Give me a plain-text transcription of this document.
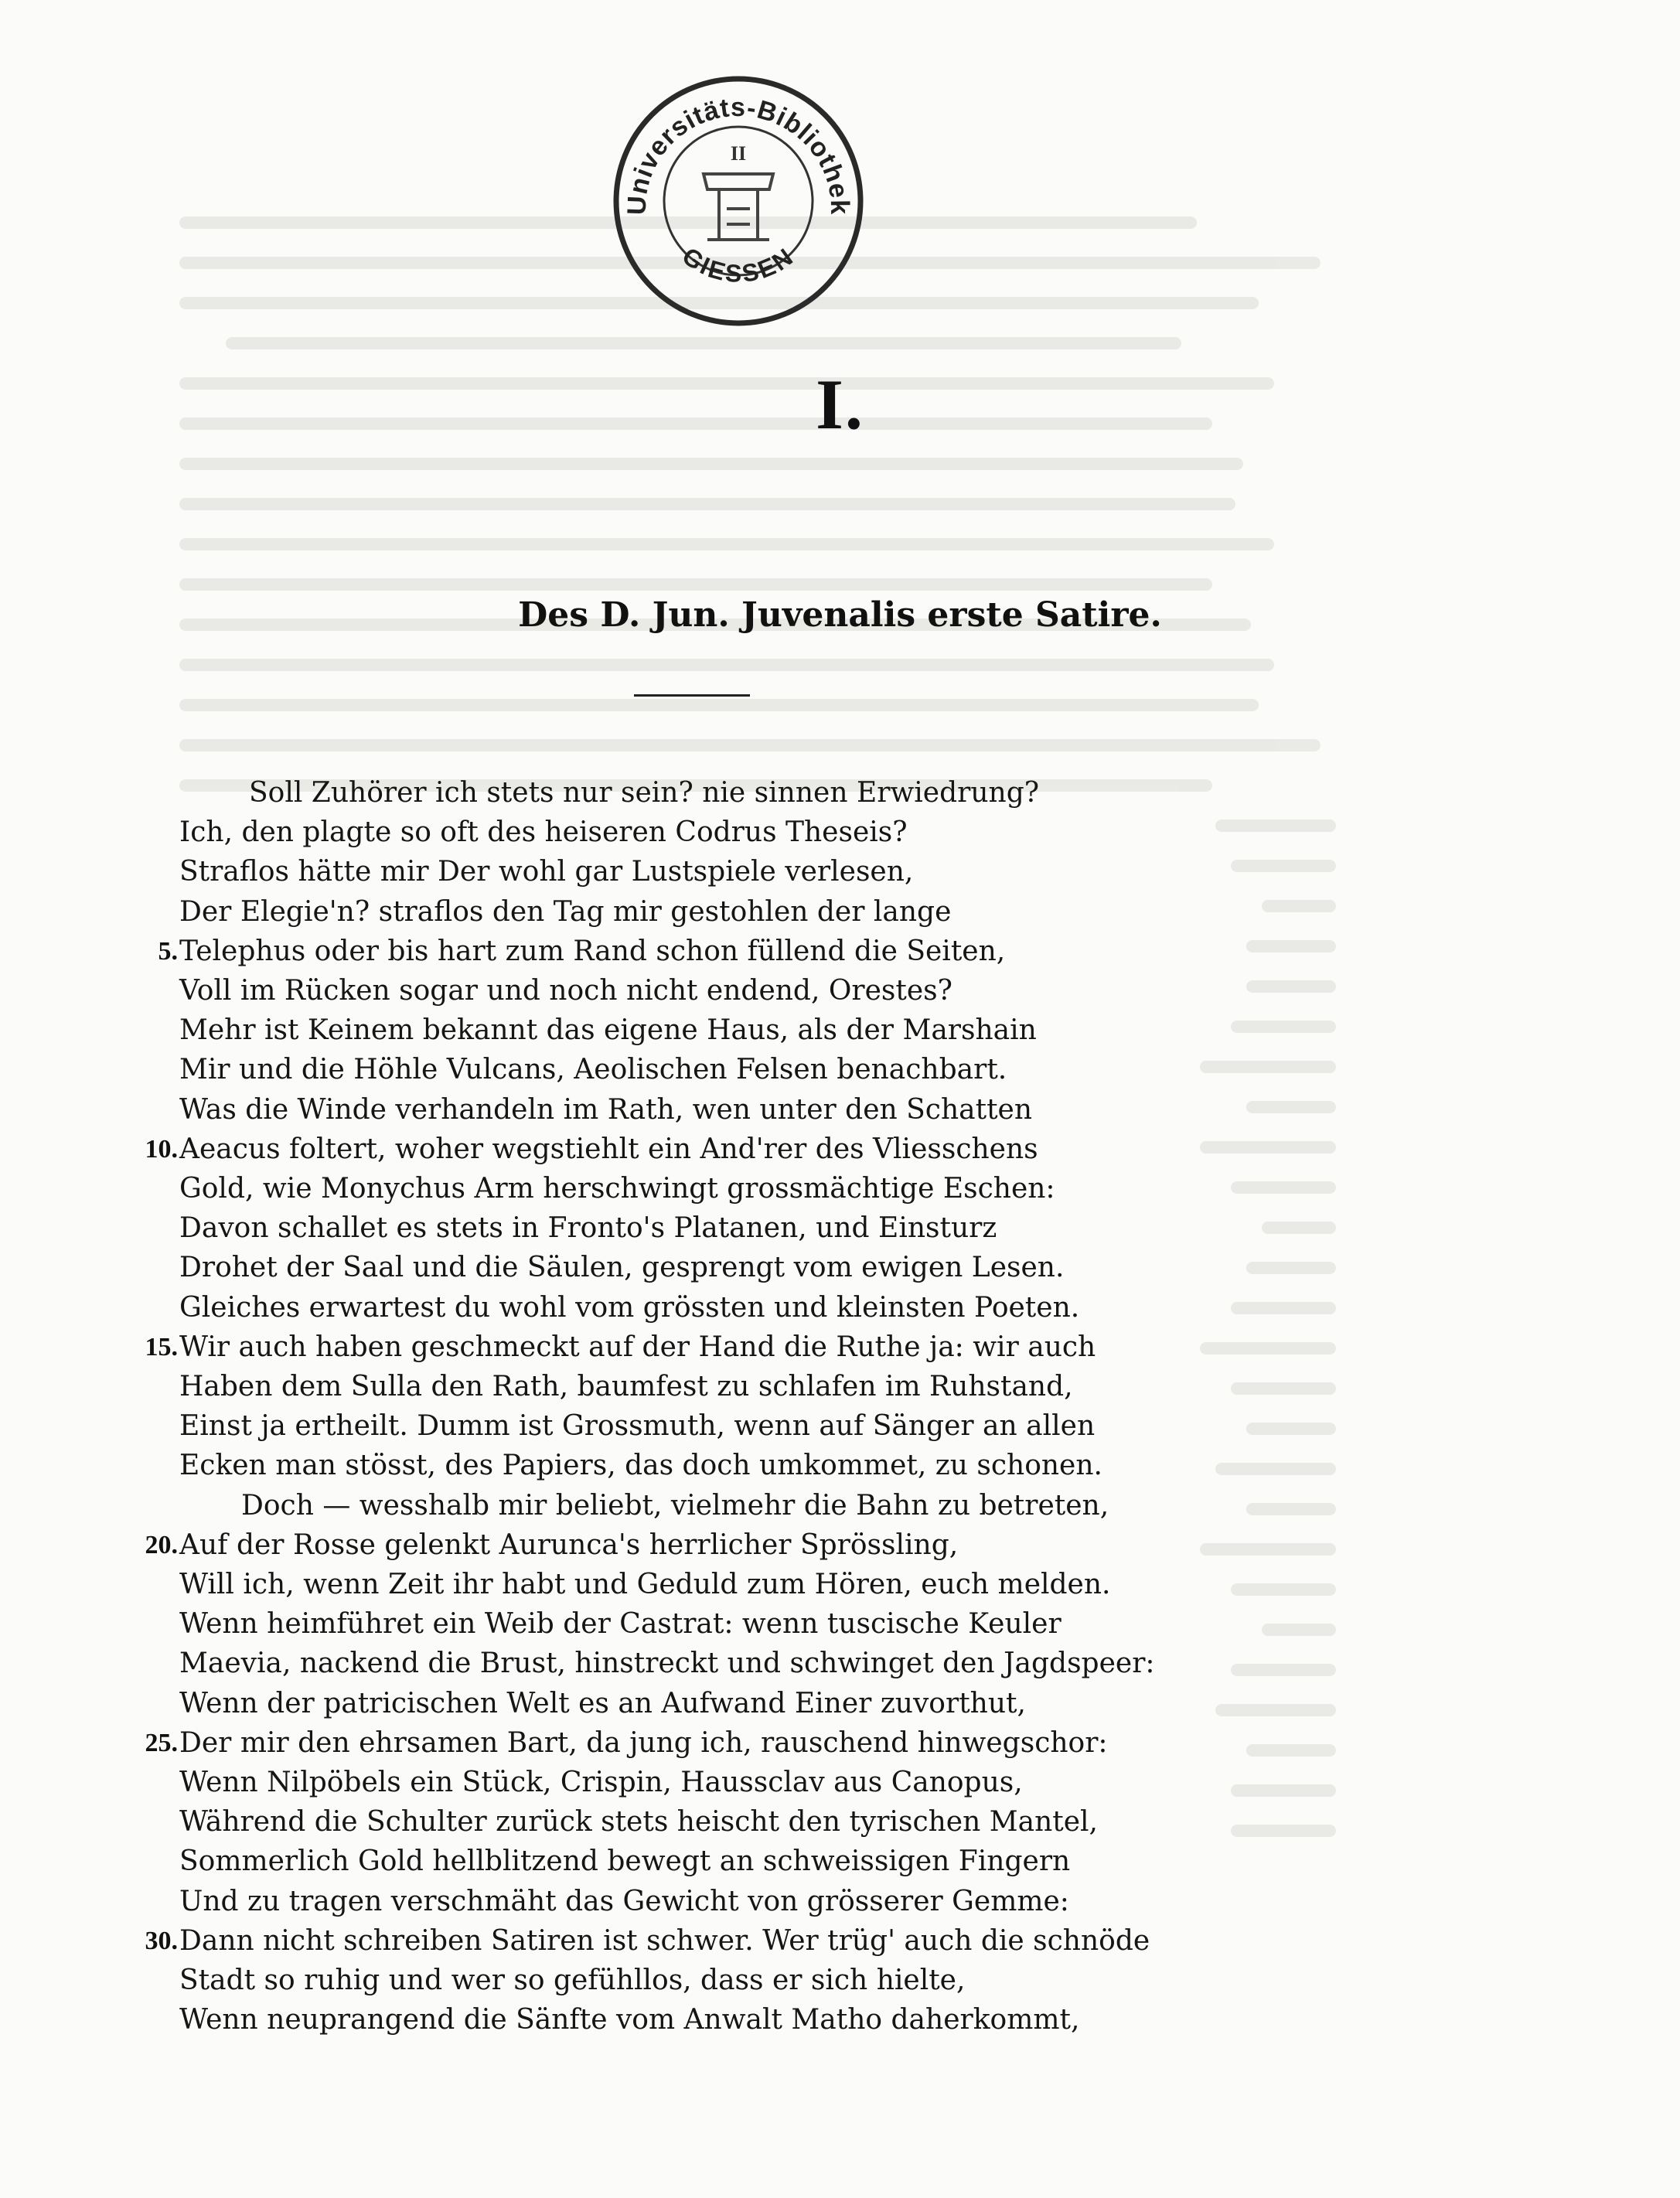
Universitäts-Bibliothek
GIESSEN
II
I.
Des D. Jun. Juvenalis erste Satire.
Soll Zuhörer ich stets nur sein? nie sinnen Erwiedrung?
Ich, den plagte so oft des heiseren Codrus Theseis?
Straflos hätte mir Der wohl gar Lustspiele verlesen,
Der Elegie'n? straflos den Tag mir gestohlen der lange
5. Telephus oder bis hart zum Rand schon füllend die Seiten,
Voll im Rücken sogar und noch nicht endend, Orestes?
Mehr ist Keinem bekannt das eigene Haus, als der Marshain
Mir und die Höhle Vulcans, Aeolischen Felsen benachbart.
Was die Winde verhandeln im Rath, wen unter den Schatten
10. Aeacus foltert, woher wegstiehlt ein And'rer des Vliesschens
Gold, wie Monychus Arm herschwingt grossmächtige Eschen:
Davon schallet es stets in Fronto's Platanen, und Einsturz
Drohet der Saal und die Säulen, gesprengt vom ewigen Lesen.
Gleiches erwartest du wohl vom grössten und kleinsten Poeten.
15. Wir auch haben geschmeckt auf der Hand die Ruthe ja: wir auch
Haben dem Sulla den Rath, baumfest zu schlafen im Ruhstand,
Einst ja ertheilt. Dumm ist Grossmuth, wenn auf Sänger an allen
Ecken man stösst, des Papiers, das doch umkommet, zu schonen.
Doch — wesshalb mir beliebt, vielmehr die Bahn zu betreten,
20. Auf der Rosse gelenkt Aurunca's herrlicher Sprössling,
Will ich, wenn Zeit ihr habt und Geduld zum Hören, euch melden.
Wenn heimführet ein Weib der Castrat: wenn tuscische Keuler
Maevia, nackend die Brust, hinstreckt und schwinget den Jagdspeer:
Wenn der patricischen Welt es an Aufwand Einer zuvorthut,
25. Der mir den ehrsamen Bart, da jung ich, rauschend hinwegschor:
Wenn Nilpöbels ein Stück, Crispin, Haussclav aus Canopus,
Während die Schulter zurück stets heischt den tyrischen Mantel,
Sommerlich Gold hellblitzend bewegt an schweissigen Fingern
Und zu tragen verschmäht das Gewicht von grösserer Gemme:
30. Dann nicht schreiben Satiren ist schwer. Wer trüg' auch die schnöde
Stadt so ruhig und wer so gefühllos, dass er sich hielte,
Wenn neuprangend die Sänfte vom Anwalt Matho daherkommt,
